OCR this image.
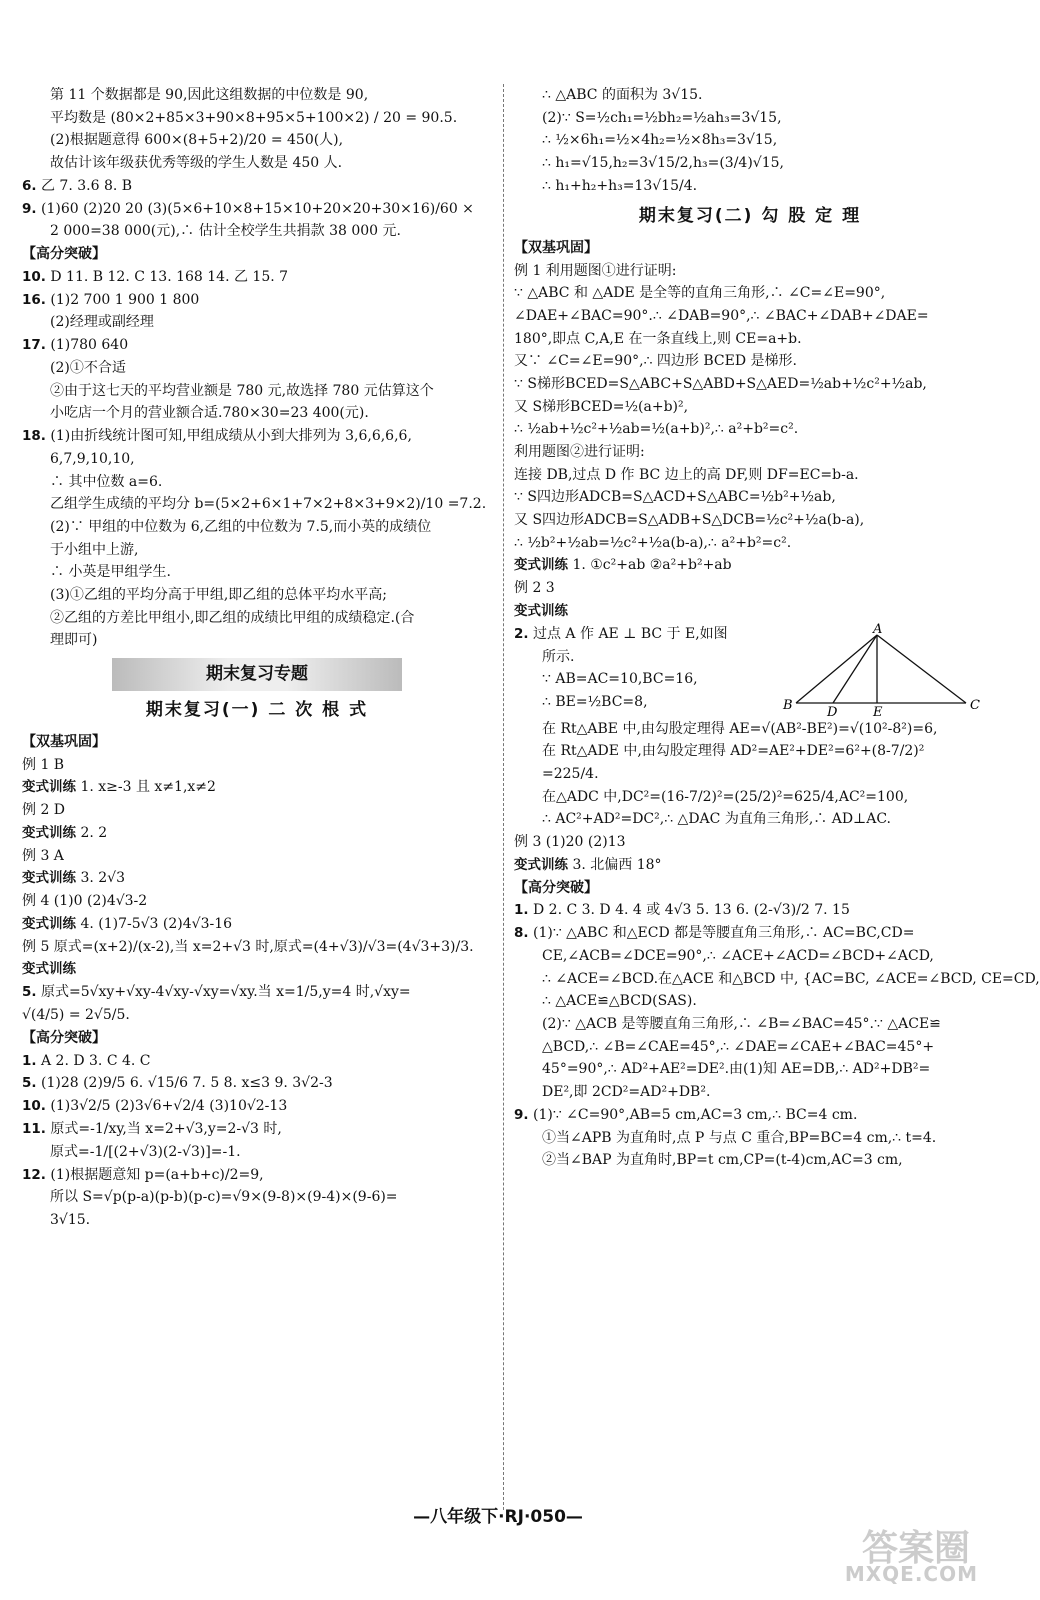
第 11 个数据都是 90,因此这组数据的中位数是 90,
平均数是 (80×2+85×3+90×8+95×5+100×2) / 20 = 90.5.
(2)根据题意得 600×(8+5+2)/20 = 450(人),
故估计该年级获优秀等级的学生人数是 450 人.
6. 乙 7. 3.6 8. B
9. (1)60 (2)20 20 (3)(5×6+10×8+15×10+20×20+30×16)/60 ×
2 000=38 000(元),∴ 估计全校学生共捐款 38 000 元.
【高分突破】
10. D 11. B 12. C 13. 168 14. 乙 15. 7
16. (1)2 700 1 900 1 800
(2)经理或副经理
17. (1)780 640
(2)①不合适
②由于这七天的平均营业额是 780 元,故选择 780 元估算这个
小吃店一个月的营业额合适.780×30=23 400(元).
18. (1)由折线统计图可知,甲组成绩从小到大排列为 3,6,6,6,6,
6,7,9,10,10,
∴ 其中位数 a=6.
乙组学生成绩的平均分 b=(5×2+6×1+7×2+8×3+9×2)/10 =7.2.
(2)∵ 甲组的中位数为 6,乙组的中位数为 7.5,而小英的成绩位
于小组中上游,
∴ 小英是甲组学生.
(3)①乙组的平均分高于甲组,即乙组的总体平均水平高;
②乙组的方差比甲组小,即乙组的成绩比甲组的成绩稳定.(合
理即可)
期末复习专题
期末复习(一) 二 次 根 式
【双基巩固】
例 1 B
变式训练 1. x≥-3 且 x≠1,x≠2
例 2 D
变式训练 2. 2
例 3 A
变式训练 3. 2√3
例 4 (1)0 (2)4√3-2
变式训练 4. (1)7-5√3 (2)4√3-16
例 5 原式=(x+2)/(x-2),当 x=2+√3 时,原式=(4+√3)/√3=(4√3+3)/3.
变式训练
5. 原式=5√xy+√xy-4√xy-√xy=√xy.当 x=1/5,y=4 时,√xy=
√(4/5) = 2√5/5.
【高分突破】
1. A 2. D 3. C 4. C
5. (1)28 (2)9/5 6. √15/6 7. 5 8. x≤3 9. 3√2-3
10. (1)3√2/5 (2)3√6+√2/4 (3)10√2-13
11. 原式=-1/xy,当 x=2+√3,y=2-√3 时,
原式=-1/[(2+√3)(2-√3)]=-1.
12. (1)根据题意知 p=(a+b+c)/2=9,
所以 S=√p(p-a)(p-b)(p-c)=√9×(9-8)×(9-4)×(9-6)=
3√15.
∴ △ABC 的面积为 3√15.
(2)∵ S=½ch₁=½bh₂=½ah₃=3√15,
∴ ½×6h₁=½×4h₂=½×8h₃=3√15,
∴ h₁=√15,h₂=3√15/2,h₃=(3/4)√15,
∴ h₁+h₂+h₃=13√15/4.
期末复习(二) 勾 股 定 理
【双基巩固】
例 1 利用题图①进行证明:
∵ △ABC 和 △ADE 是全等的直角三角形,∴ ∠C=∠E=90°,
∠DAE+∠BAC=90°.∴ ∠DAB=90°,∴ ∠BAC+∠DAB+∠DAE=
180°,即点 C,A,E 在一条直线上,则 CE=a+b.
又∵ ∠C=∠E=90°,∴ 四边形 BCED 是梯形.
∵ S梯形BCED=S△ABC+S△ABD+S△AED=½ab+½c²+½ab,
又 S梯形BCED=½(a+b)²,
∴ ½ab+½c²+½ab=½(a+b)²,∴ a²+b²=c².
利用题图②进行证明:
连接 DB,过点 D 作 BC 边上的高 DF,则 DF=EC=b-a.
∵ S四边形ADCB=S△ACD+S△ABC=½b²+½ab,
又 S四边形ADCB=S△ADB+S△DCB=½c²+½a(b-a),
∴ ½b²+½ab=½c²+½a(b-a),∴ a²+b²=c².
变式训练 1. ①c²+ab ②a²+b²+ab
例 2 3
变式训练
2. 过点 A 作 AE ⊥ BC 于 E,如图
所示.
∵ AB=AC=10,BC=16,
∴ BE=½BC=8,
A
B	C
D	E
在 Rt△ABE 中,由勾股定理得 AE=√(AB²-BE²)=√(10²-8²)=6,
在 Rt△ADE 中,由勾股定理得 AD²=AE²+DE²=6²+(8-7/2)²
=225/4.
在△ADC 中,DC²=(16-7/2)²=(25/2)²=625/4,AC²=100,
∴ AC²+AD²=DC²,∴ △DAC 为直角三角形,∴ AD⊥AC.
例 3 (1)20 (2)13
变式训练 3. 北偏西 18°
【高分突破】
1. D 2. C 3. D 4. 4 或 4√3 5. 13 6. (2-√3)/2 7. 15
8. (1)∵ △ABC 和△ECD 都是等腰直角三角形,∴ AC=BC,CD=
CE,∠ACB=∠DCE=90°,∴ ∠ACE+∠ACD=∠BCD+∠ACD,
∴ ∠ACE=∠BCD.在△ACE 和△BCD 中, {AC=BC, ∠ACE=∠BCD, CE=CD,
∴ △ACE≌△BCD(SAS).
(2)∵ △ACB 是等腰直角三角形,∴ ∠B=∠BAC=45°.∵ △ACE≌
△BCD,∴ ∠B=∠CAE=45°,∴ ∠DAE=∠CAE+∠BAC=45°+
45°=90°,∴ AD²+AE²=DE².由(1)知 AE=DB,∴ AD²+DB²=
DE²,即 2CD²=AD²+DB².
9. (1)∵ ∠C=90°,AB=5 cm,AC=3 cm,∴ BC=4 cm.
①当∠APB 为直角时,点 P 与点 C 重合,BP=BC=4 cm,∴ t=4.
②当∠BAP 为直角时,BP=t cm,CP=(t-4)cm,AC=3 cm,
—八年级下·RJ·050—
答案圈
MXQE.COM
